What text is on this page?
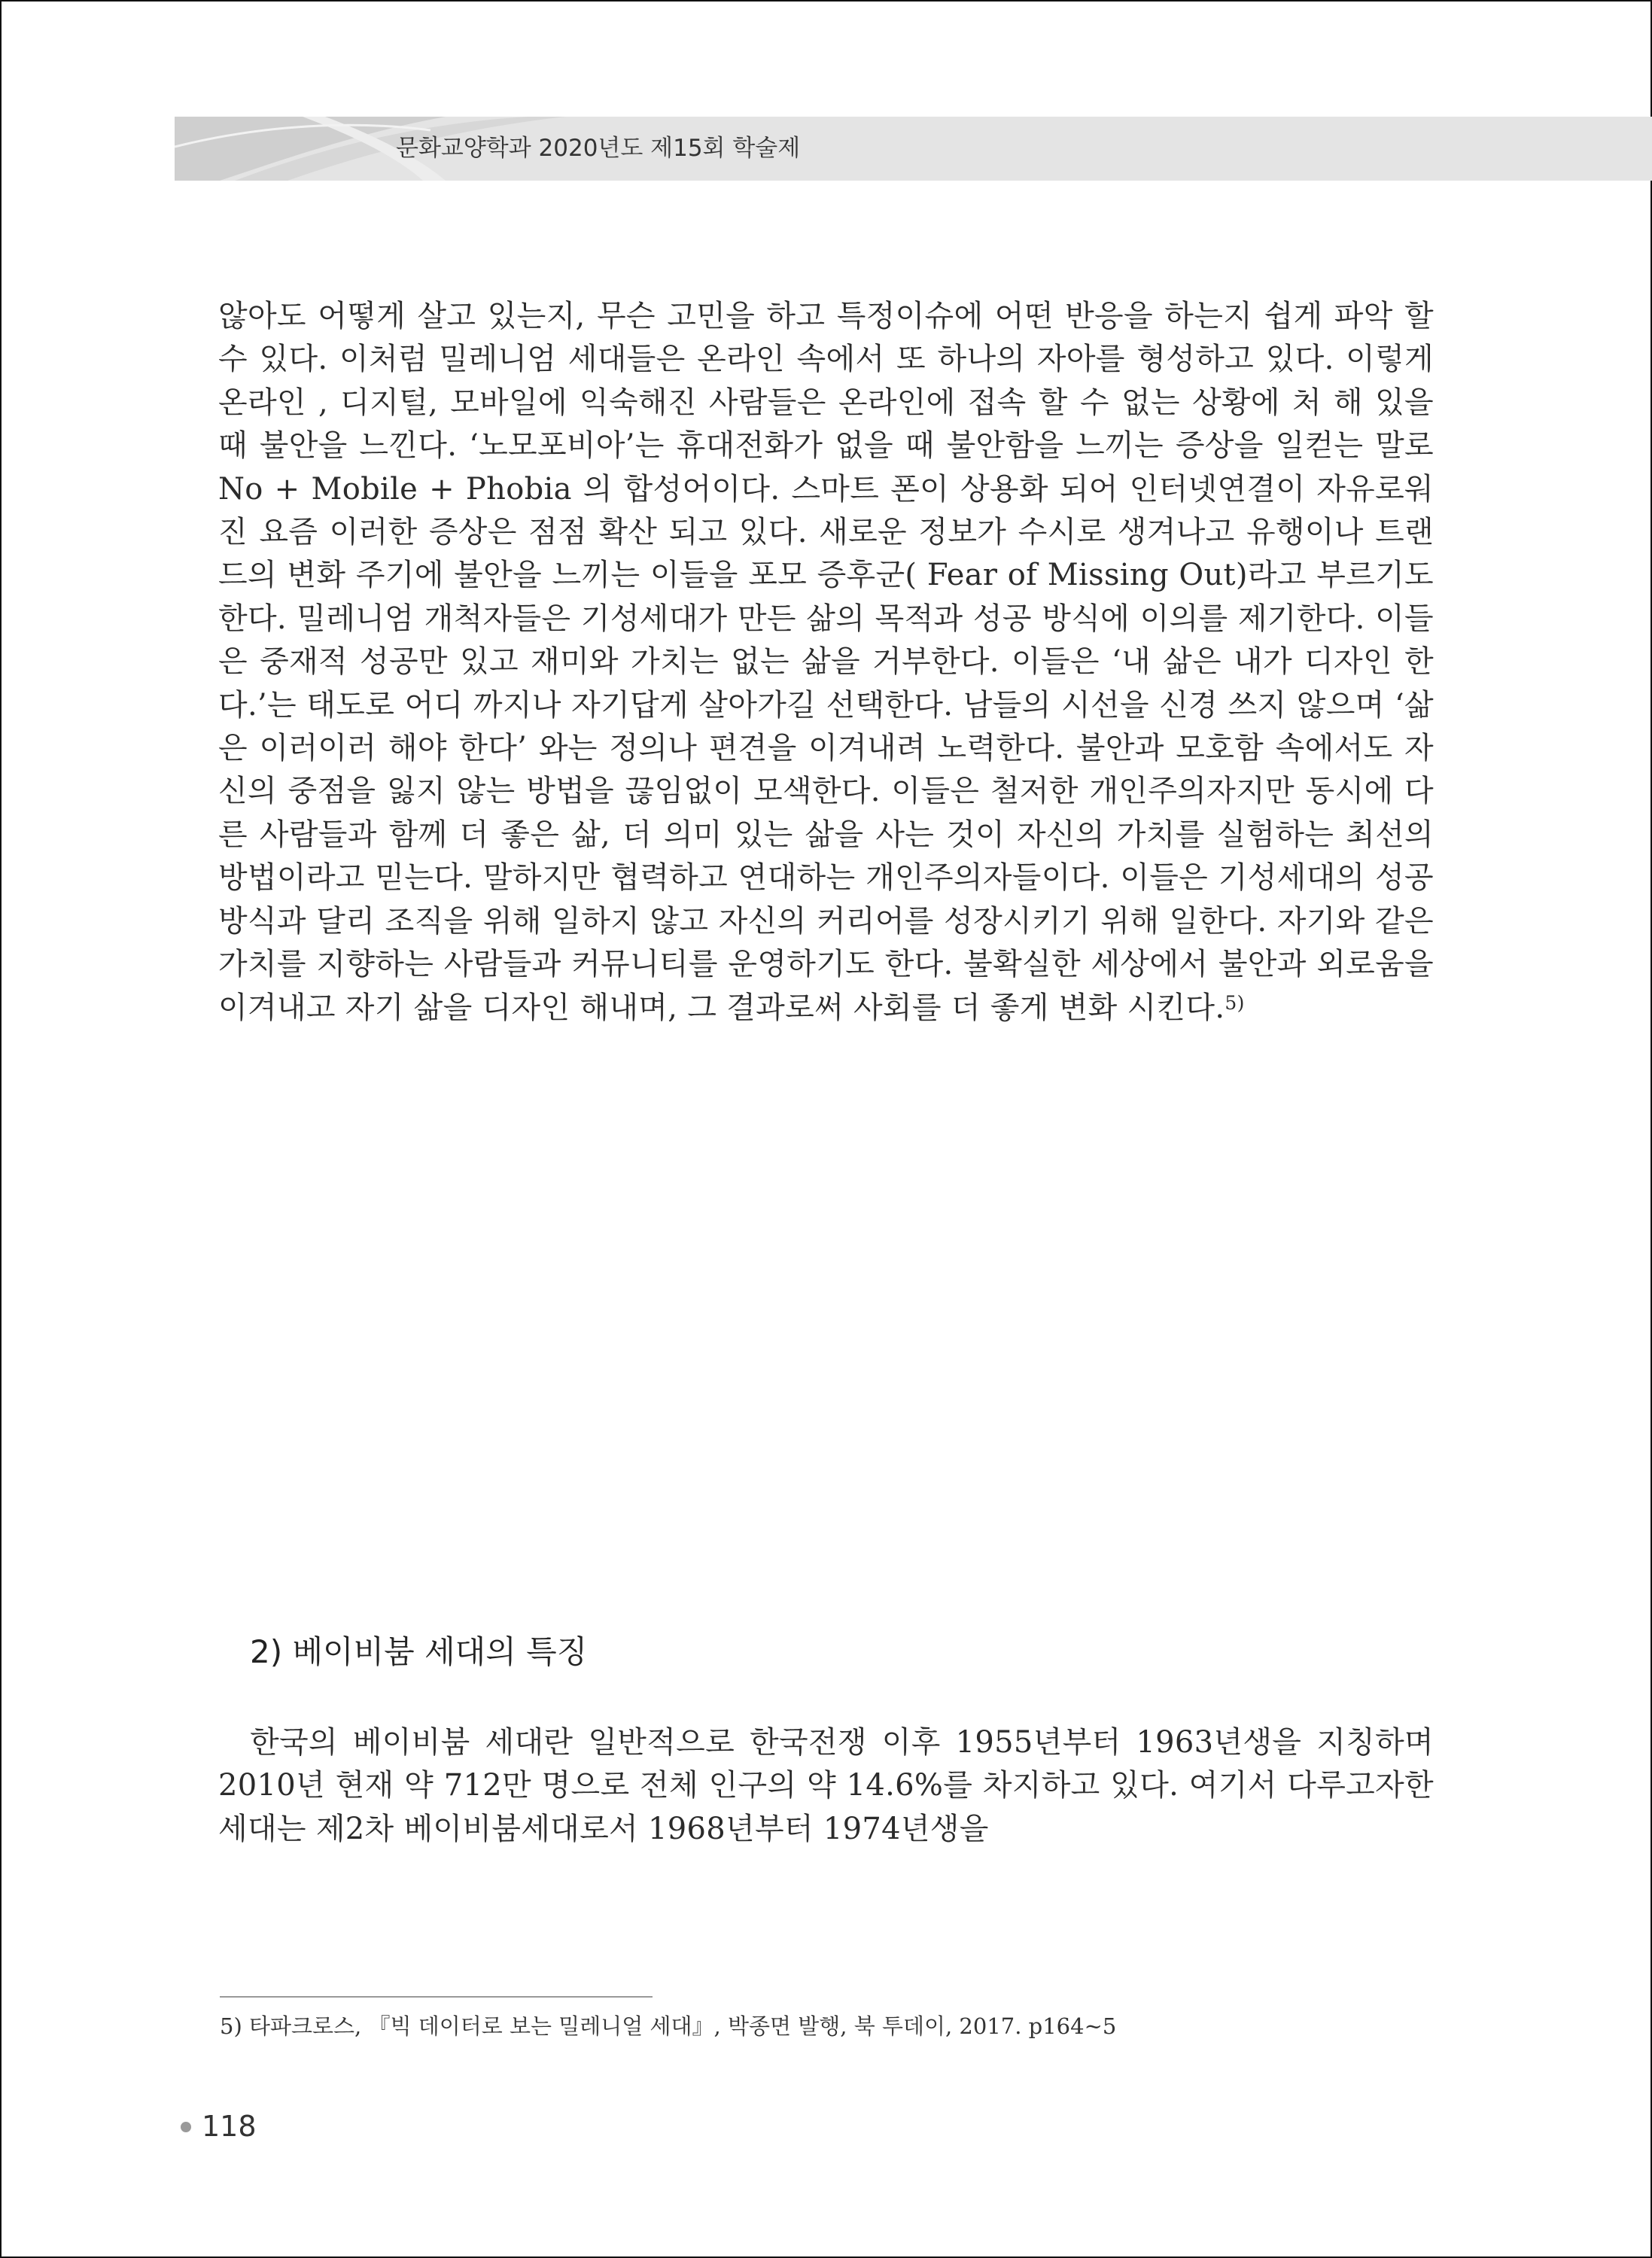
문화교양학과 2020년도 제15회 학술제

않아도 어떻게 살고 있는지, 무슨 고민을 하고 특정이슈에 어떤 반응을 하는지 쉽게 파악 할 수 있다. 이처럼 밀레니엄 세대들은 온라인 속에서 또 하나의 자아를 형성하고 있다. 이렇게 온라인 , 디지털, 모바일에 익숙해진 사람들은 온라인에 접속 할 수 없는 상황에 처 해 있을 때 불안을 느낀다. ‘노모포비아’는 휴대전화가 없을 때 불안함을 느끼는 증상을 일컫는 말로 No + Mobile + Phobia 의 합성어이다. 스마트 폰이 상용화 되어 인터넷연결이 자유로워진 요즘 이러한 증상은 점점 확산 되고 있다. 새로운 정보가 수시로 생겨나고 유행이나 트랜드의 변화 주기에 불안을 느끼는 이들을 포모 증후군( Fear of Missing Out)라고 부르기도 한다. 밀레니엄 개척자들은 기성세대가 만든 삶의 목적과 성공 방식에 이의를 제기한다. 이들은 중재적 성공만 있고 재미와 가치는 없는 삶을 거부한다. 이들은 ‘내 삶은 내가 디자인 한다.’는 태도로 어디 까지나 자기답게 살아가길 선택한다. 남들의 시선을 신경 쓰지 않으며 ‘삶은 이러이러 해야 한다’ 와는 정의나 편견을 이겨내려 노력한다. 불안과 모호함 속에서도 자신의 중점을 잃지 않는 방법을 끊임없이 모색한다. 이들은 철저한 개인주의자지만 동시에 다른 사람들과 함께 더 좋은 삶, 더 의미 있는 삶을 사는 것이 자신의 가치를 실험하는 최선의 방법이라고 믿는다. 말하지만 협력하고 연대하는 개인주의자들이다. 이들은 기성세대의 성공방식과 달리 조직을 위해 일하지 않고 자신의 커리어를 성장시키기 위해 일한다. 자기와 같은 가치를 지향하는 사람들과 커뮤니티를 운영하기도 한다. 불확실한 세상에서 불안과 외로움을 이겨내고 자기 삶을 디자인 해내며, 그 결과로써 사회를 더 좋게 변화 시킨다.$^{5)}$

2) 베이비붐 세대의 특징

한국의 베이비붐 세대란 일반적으로 한국전쟁 이후 1955년부터 1963년생을 지칭하며 2010년 현재 약 712만 명으로 전체 인구의 약 14.6%를 차지하고 있다. 여기서 다루고자한 세대는 제2차 베이비붐세대로서 1968년부터 1974년생을

5) 타파크로스, 『빅 데이터로 보는 밀레니얼 세대』, 박종면 발행, 북 투데이, 2017. p164~5

118
